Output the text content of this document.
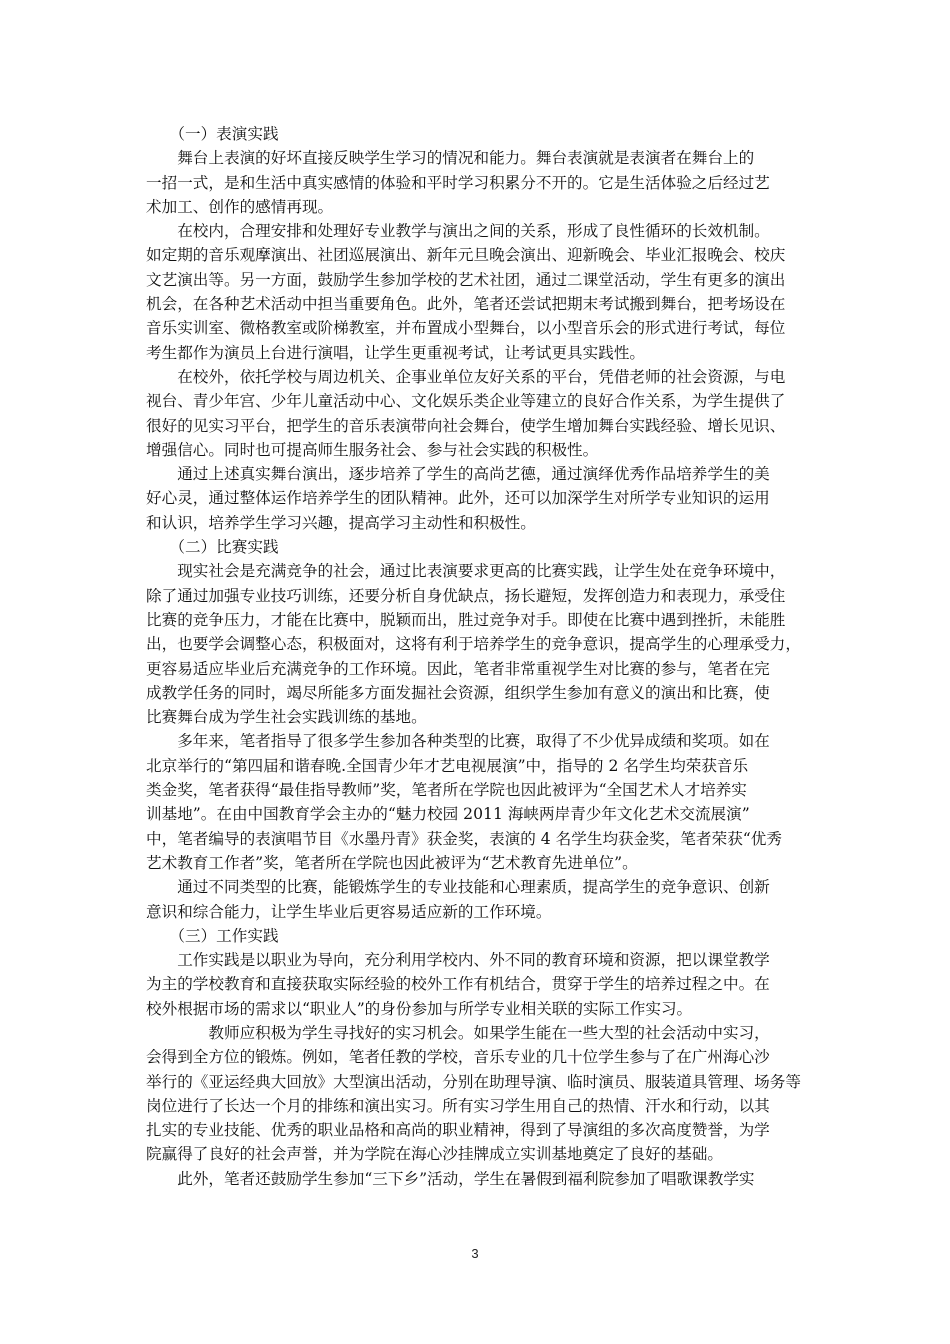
　　（一）表演实践
　　舞台上表演的好坏直接反映学生学习的情况和能力。舞台表演就是表演者在舞台上的
一招一式，是和生活中真实感情的体验和平时学习积累分不开的。它是生活体验之后经过艺
术加工、创作的感情再现。
　　在校内，合理安排和处理好专业教学与演出之间的关系，形成了良性循环的长效机制。
如定期的音乐观摩演出、社团巡展演出、新年元旦晚会演出、迎新晚会、毕业汇报晚会、校庆
文艺演出等。另一方面，鼓励学生参加学校的艺术社团，通过二课堂活动，学生有更多的演出
机会，在各种艺术活动中担当重要角色。此外，笔者还尝试把期末考试搬到舞台，把考场设在
音乐实训室、微格教室或阶梯教室，并布置成小型舞台，以小型音乐会的形式进行考试，每位
考生都作为演员上台进行演唱，让学生更重视考试，让考试更具实践性。
　　在校外，依托学校与周边机关、企事业单位友好关系的平台，凭借老师的社会资源，与电
视台、青少年宫、少年儿童活动中心、文化娱乐类企业等建立的良好合作关系，为学生提供了
很好的见实习平台，把学生的音乐表演带向社会舞台，使学生增加舞台实践经验、增长见识、
增强信心。同时也可提高师生服务社会、参与社会实践的积极性。
　　通过上述真实舞台演出，逐步培养了学生的高尚艺德，通过演绎优秀作品培养学生的美
好心灵，通过整体运作培养学生的团队精神。此外，还可以加深学生对所学专业知识的运用
和认识，培养学生学习兴趣，提高学习主动性和积极性。
　　（二）比赛实践
　　现实社会是充满竞争的社会，通过比表演要求更高的比赛实践，让学生处在竞争环境中，
除了通过加强专业技巧训练，还要分析自身优缺点，扬长避短，发挥创造力和表现力，承受住
比赛的竞争压力，才能在比赛中，脱颖而出，胜过竞争对手。即使在比赛中遇到挫折，未能胜
出，也要学会调整心态，积极面对，这将有利于培养学生的竞争意识，提高学生的心理承受力，
更容易适应毕业后充满竞争的工作环境。因此，笔者非常重视学生对比赛的参与，笔者在完
成教学任务的同时，竭尽所能多方面发掘社会资源，组织学生参加有意义的演出和比赛，使
比赛舞台成为学生社会实践训练的基地。
　　多年来，笔者指导了很多学生参加各种类型的比赛，取得了不少优异成绩和奖项。如在
北京举行的“第四届和谐春晚.全国青少年才艺电视展演”中，指导的 2 名学生均荣获音乐
类金奖，笔者获得“最佳指导教师”奖，笔者所在学院也因此被评为“全国艺术人才培养实
训基地”。在由中国教育学会主办的“魅力校园 2011 海峡两岸青少年文化艺术交流展演”
中，笔者编导的表演唱节目《水墨丹青》获金奖，表演的 4 名学生均获金奖，笔者荣获“优秀
艺术教育工作者”奖，笔者所在学院也因此被评为“艺术教育先进单位”。
　　通过不同类型的比赛，能锻炼学生的专业技能和心理素质，提高学生的竞争意识、创新
意识和综合能力，让学生毕业后更容易适应新的工作环境。
　　（三）工作实践
　　工作实践是以职业为导向，充分利用学校内、外不同的教育环境和资源，把以课堂教学
为主的学校教育和直接获取实际经验的校外工作有机结合，贯穿于学生的培养过程之中。在
校外根据市场的需求以“职业人”的身份参加与所学专业相关联的实际工作实习。
　　　　教师应积极为学生寻找好的实习机会。如果学生能在一些大型的社会活动中实习，
会得到全方位的锻炼。例如，笔者任教的学校，音乐专业的几十位学生参与了在广州海心沙
举行的《亚运经典大回放》大型演出活动，分别在助理导演、临时演员、服装道具管理、场务等
岗位进行了长达一个月的排练和演出实习。所有实习学生用自己的热情、汗水和行动，以其
扎实的专业技能、优秀的职业品格和高尚的职业精神，得到了导演组的多次高度赞誉，为学
院赢得了良好的社会声誉，并为学院在海心沙挂牌成立实训基地奠定了良好的基础。
　　此外，笔者还鼓励学生参加“三下乡”活动，学生在暑假到福利院参加了唱歌课教学实
3
